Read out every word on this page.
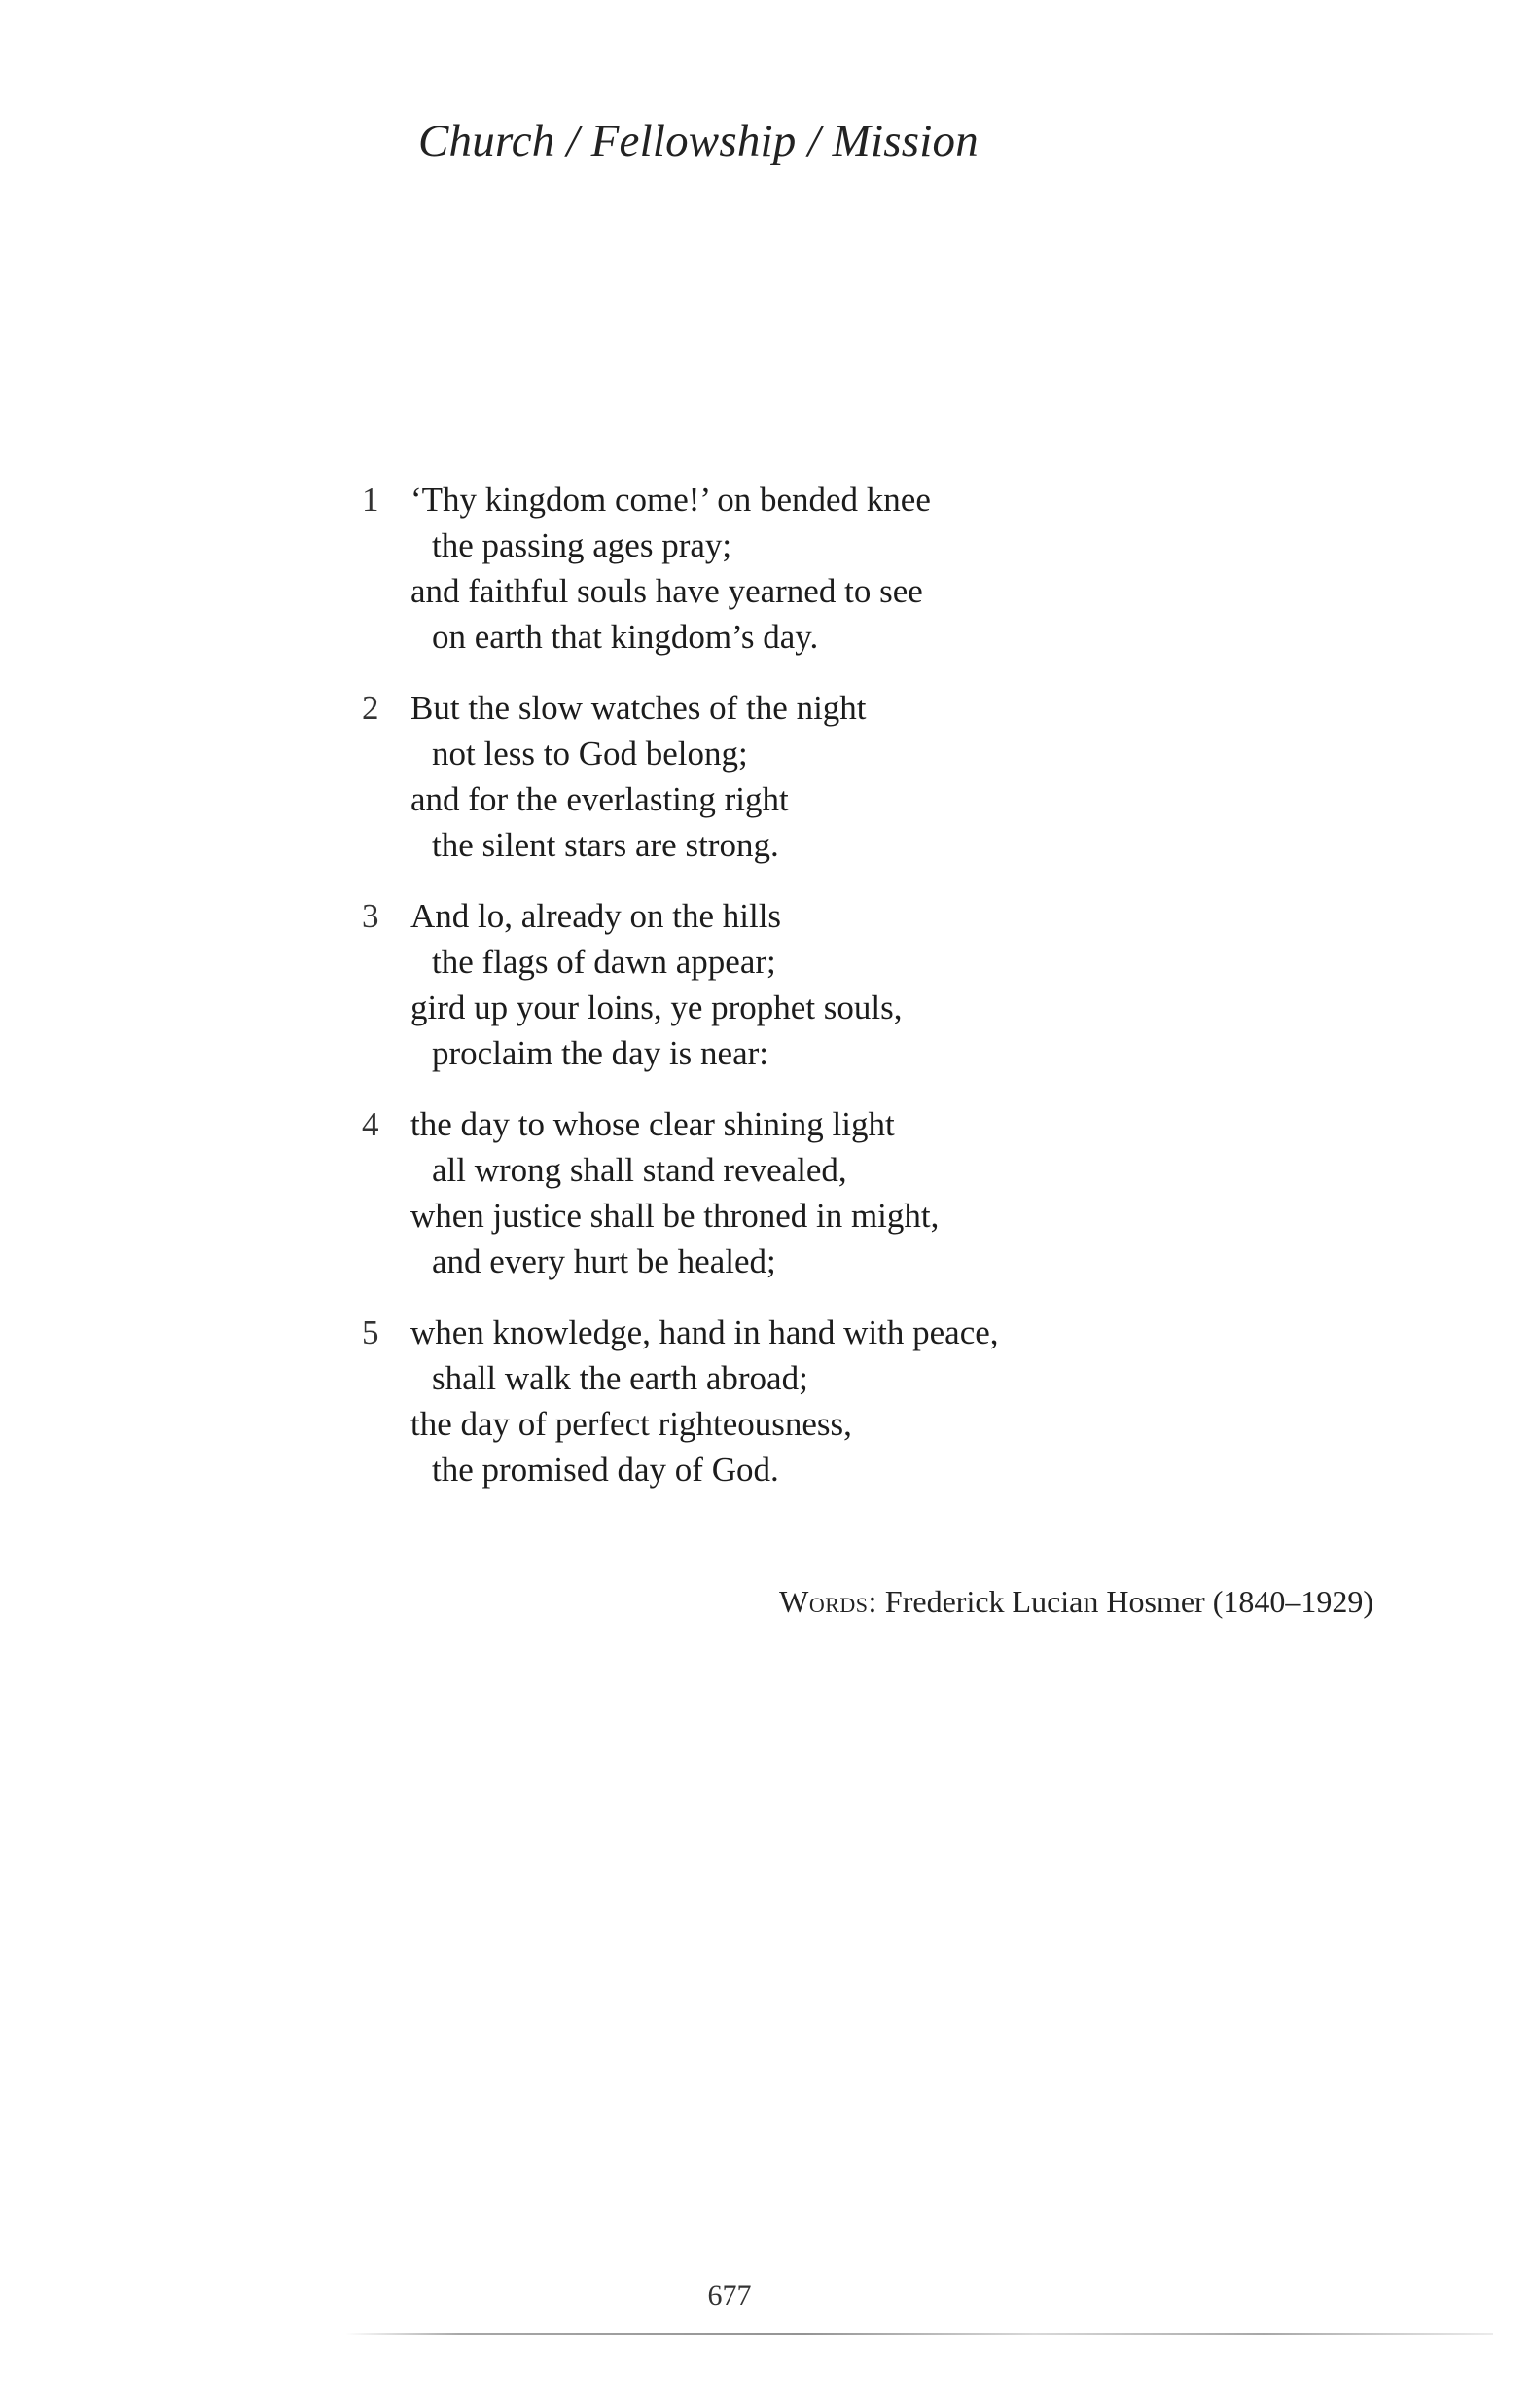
Church / Fellowship / Mission
1 ‘Thy kingdom come!’ on bended knee
the passing ages pray;
and faithful souls have yearned to see
on earth that kingdom’s day.
2 But the slow watches of the night
not less to God belong;
and for the everlasting right
the silent stars are strong.
3 And lo, already on the hills
the flags of dawn appear;
gird up your loins, ye prophet souls,
proclaim the day is near:
4 the day to whose clear shining light
all wrong shall stand revealed,
when justice shall be throned in might,
and every hurt be healed;
5 when knowledge, hand in hand with peace,
shall walk the earth abroad;
the day of perfect righteousness,
the promised day of God.
Words: Frederick Lucian Hosmer (1840–1929)
677
